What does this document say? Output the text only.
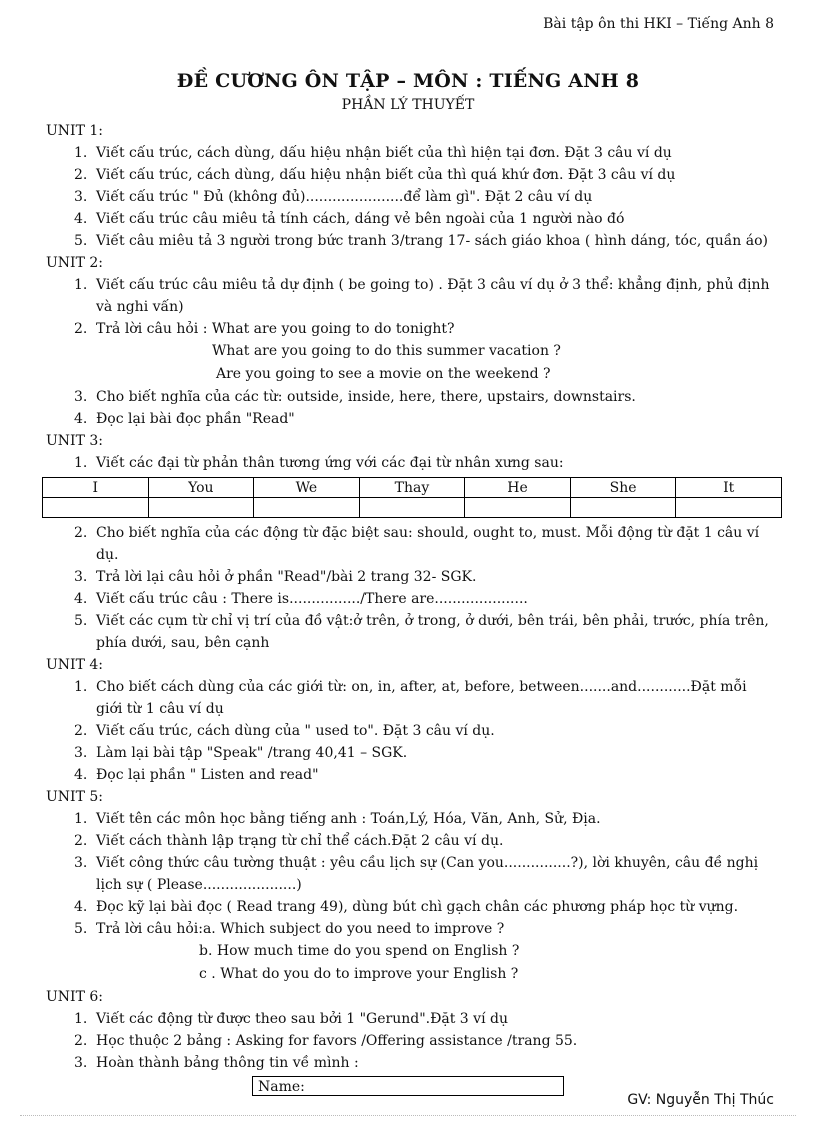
Bài tập ôn thi HKI – Tiếng Anh 8
ĐỀ CƯƠNG ÔN TẬP – MÔN : TIẾNG ANH 8
PHẦN LÝ THUYẾT
UNIT 1:
1. Viết cấu trúc, cách dùng, dấu hiệu nhận biết của thì hiện tại đơn. Đặt 3 câu ví dụ
2. Viết cấu trúc, cách dùng, dấu hiệu nhận biết của thì quá khứ đơn. Đặt 3 câu ví dụ
3. Viết cấu trúc " Đủ (không đủ)......................để làm gì". Đặt 2 câu ví dụ
4. Viết cấu trúc câu miêu tả tính cách, dáng vẻ bên ngoài của 1 người nào đó
5. Viết câu miêu tả 3 người trong bức tranh 3/trang 17- sách giáo khoa ( hình dáng, tóc, quần áo)
UNIT 2:
1. Viết cấu trúc câu miêu tả dự định ( be going to) . Đặt 3 câu ví dụ ở 3 thể: khẳng định, phủ định và nghi vấn)
2. Trả lời câu hỏi : What are you going to do tonight?
What are you going to do this summer vacation ?
Are you going to see a movie on the weekend ?
3. Cho biết nghĩa của các từ: outside, inside, here, there, upstairs, downstairs.
4. Đọc lại bài đọc phần "Read"
UNIT 3:
1. Viết các đại từ phản thân tương ứng với các đại từ nhân xưng sau:
I	You	We	Thay	He	She	It

2. Cho biết nghĩa của các động từ đặc biệt sau: should, ought to, must. Mỗi động từ đặt 1 câu ví dụ.
3. Trả lời lại câu hỏi ở phần "Read"/bài 2 trang 32- SGK.
4. Viết cấu trúc câu : There is................/There are.....................
5. Viết các cụm từ chỉ vị trí của đồ vật:ở trên, ở trong, ở dưới, bên trái, bên phải, trước, phía trên, phía dưới, sau, bên cạnh
UNIT 4:
1. Cho biết cách dùng của các giới từ: on, in, after, at, before, between.......and............Đặt mỗi giới từ 1 câu ví dụ
2. Viết cấu trúc, cách dùng của " used to". Đặt 3 câu ví dụ.
3. Làm lại bài tập "Speak" /trang 40,41 – SGK.
4. Đọc lại phần " Listen and read"
UNIT 5:
1. Viết tên các môn học bằng tiếng anh : Toán,Lý, Hóa, Văn, Anh, Sử, Địa.
2. Viết cách thành lập trạng từ chỉ thể cách.Đặt 2 câu ví dụ.
3. Viết công thức câu tường thuật : yêu cầu lịch sự (Can you...............?), lời khuyên, câu đề nghị lịch sự ( Please.....................)
4. Đọc kỹ lại bài đọc ( Read trang 49), dùng bút chì gạch chân các phương pháp học từ vựng.
5. Trả lời câu hỏi:a. Which subject do you need to improve ?
b. How much time do you spend on English ?
c . What do you do to improve your English ?
UNIT 6:
1. Viết các động từ được theo sau bởi 1 "Gerund".Đặt 3 ví dụ
2. Học thuộc 2 bảng : Asking for favors /Offering assistance /trang 55.
3. Hoàn thành bảng thông tin về mình :
Name:
GV: Nguyễn Thị Thúc
